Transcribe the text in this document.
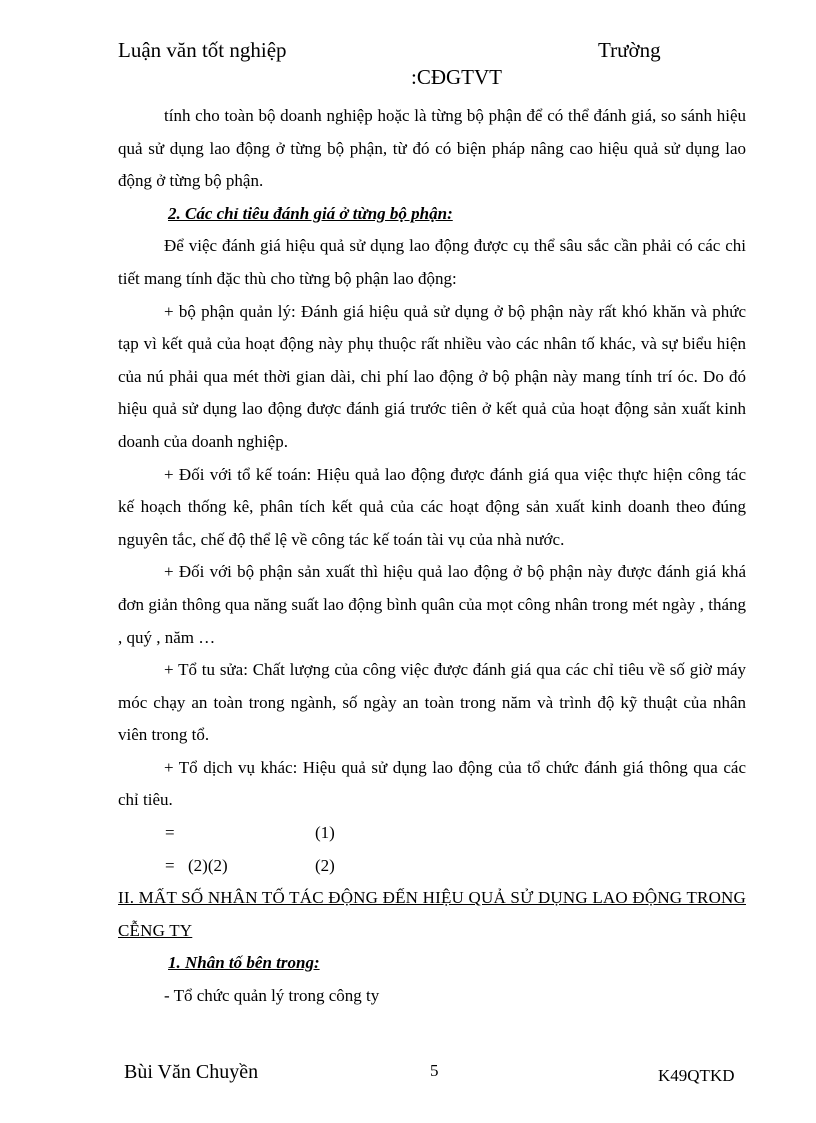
Luận văn tốt nghiệp	Trường
:CĐGTVT

tính cho toàn bộ doanh nghiệp hoặc là từng bộ phận để có thể đánh giá, so sánh hiệu quả sử dụng lao động ở từng bộ phận, từ đó có biện pháp nâng cao hiệu quả sử dụng lao động ở từng bộ phận.

2. Các chỉ tiêu đánh giá ở từng bộ phận:

Để việc đánh giá hiệu quả sử dụng lao động được cụ thể sâu sắc cần phải có các chi tiết mang tính đặc thù cho từng bộ phận lao động:

+ bộ phận quản lý: Đánh giá hiệu quả sử dụng ở bộ phận này rất khó khăn và phức tạp vì kết quả của hoạt động này phụ thuộc rất nhiều vào các nhân tố khác, và sự biểu hiện của nú phải qua mét thời gian dài, chi phí lao động ở bộ phận này mang tính trí óc. Do đó hiệu quả sử dụng lao động được đánh giá trước tiên ở kết quả của hoạt động sản xuất kinh doanh của doanh nghiệp.

+ Đối với tổ kế toán: Hiệu quả lao động được đánh giá qua việc thực hiện công tác kế hoạch thống kê, phân tích kết quả của các hoạt động sản xuất kinh doanh theo đúng nguyên tắc, chế độ thể lệ về công tác kế toán tài vụ của nhà nước.

+ Đối với bộ phận sản xuất thì hiệu quả lao động ở bộ phận này được đánh giá khá đơn giản thông qua năng suất lao động bình quân của mọt công nhân trong mét ngày , tháng , quý , năm …

+ Tổ tu sửa: Chất lượng của công việc được đánh giá qua các chỉ tiêu về số giờ máy móc chạy an toàn trong ngành, số ngày an toàn trong năm và trình độ kỹ thuật của nhân viên trong tổ.

+ Tổ dịch vụ khác: Hiệu quả sử dụng lao động của tổ chức đánh giá thông qua các chỉ tiêu.

=	(1)
= (2)(2)	(2)

II. MẤT SỐ NHÂN TỐ TÁC ĐỘNG ĐẾN HIỆU QUẢ SỬ DỤNG LAO ĐỘNG TRONG CỄNG TY

1. Nhân tố bên trong:

- Tổ chức quản lý trong công ty

Bùi Văn Chuyền	5	K49QTKD
